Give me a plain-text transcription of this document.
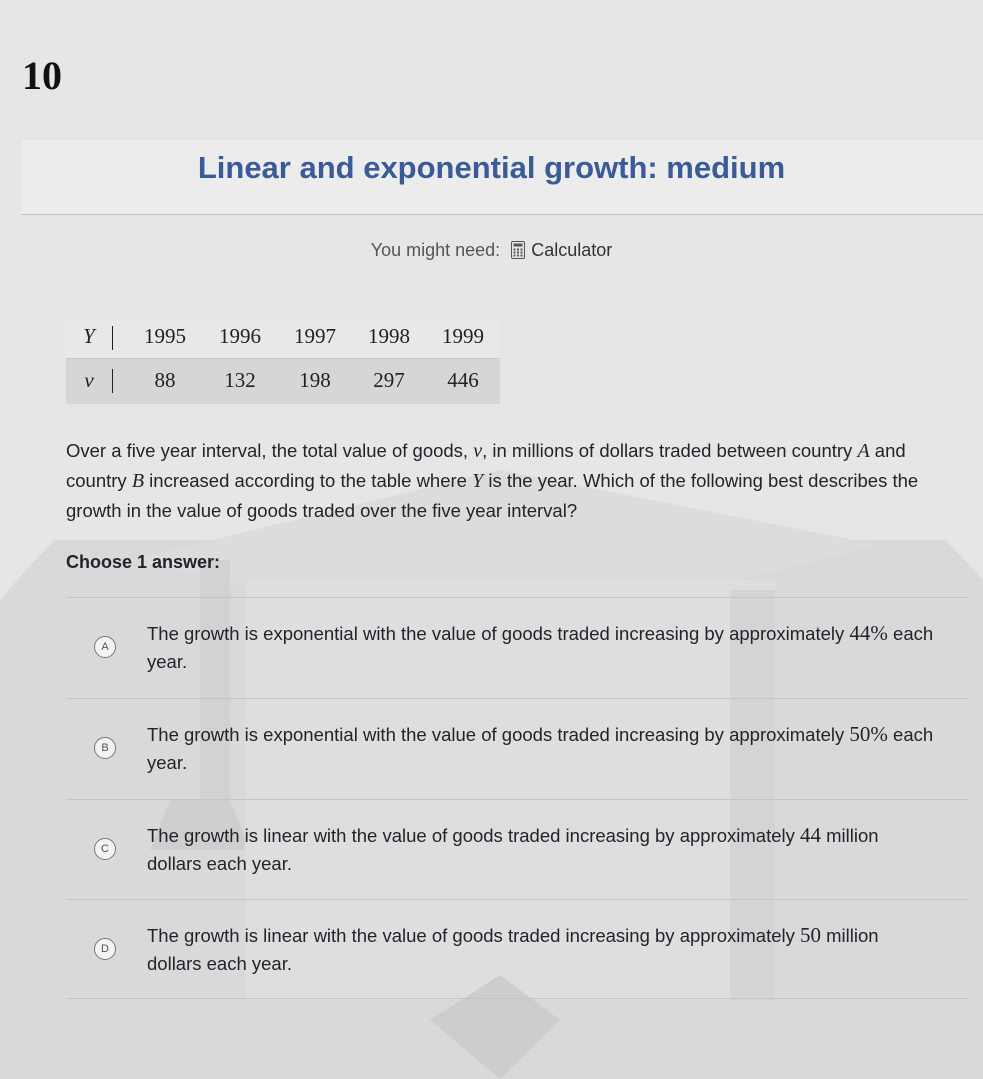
10
Linear and exponential growth: medium
You might need: Calculator
Y	1995	1996	1997	1998	1999
v	88	132	198	297	446
Over a five year interval, the total value of goods, v, in millions of dollars traded between country A and country B increased according to the table where Y is the year. Which of the following best describes the growth in the value of goods traded over the five year interval?
Choose 1 answer:
A
The growth is exponential with the value of goods traded increasing by approximately 44% each year.
B
The growth is exponential with the value of goods traded increasing by approximately 50% each year.
C
The growth is linear with the value of goods traded increasing by approximately 44 million dollars each year.
D
The growth is linear with the value of goods traded increasing by approximately 50 million dollars each year.
